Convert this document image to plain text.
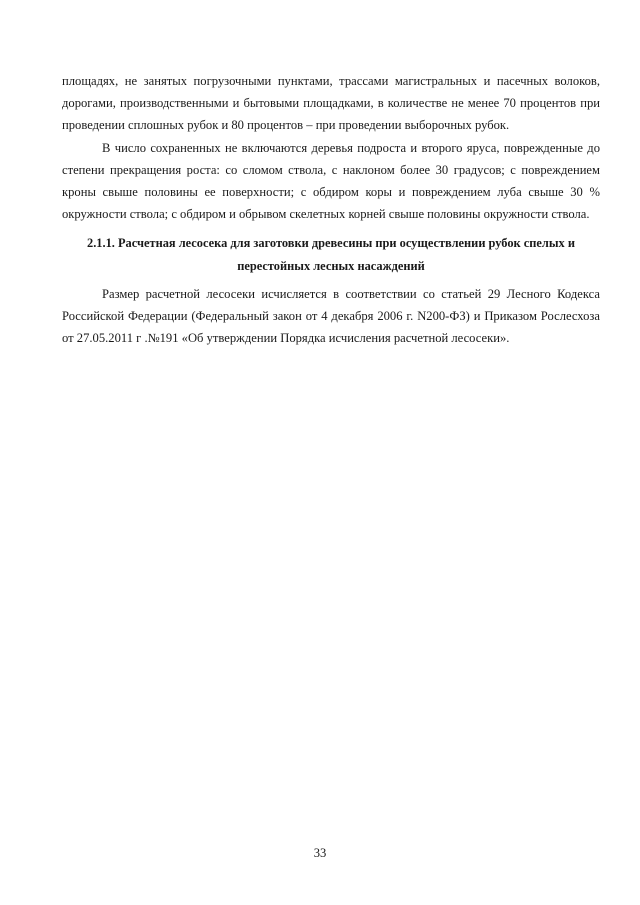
площадях, не занятых погрузочными пунктами, трассами магистральных и пасечных волоков, дорогами, производственными и бытовыми площадками, в количестве не менее 70 процентов при проведении сплошных рубок и 80 процентов – при проведении выборочных рубок.

В число сохраненных не включаются деревья подроста и второго яруса, поврежденные до степени прекращения роста: со сломом ствола, с наклоном более 30 градусов; с повреждением кроны свыше половины ее поверхности; с обдиром коры и повреждением луба свыше 30 % окружности ствола; с обдиром и обрывом скелетных корней свыше половины окружности ствола.

2.1.1. Расчетная лесосека для заготовки древесины при осуществлении рубок спелых и перестойных лесных насаждений

Размер расчетной лесосеки исчисляется в соответствии со статьей 29 Лесного Кодекса Российской Федерации (Федеральный закон от 4 декабря 2006 г. N200-ФЗ) и Приказом Рослесхоза от 27.05.2011 г .№191 «Об утверждении Порядка исчисления расчетной лесосеки».

33
